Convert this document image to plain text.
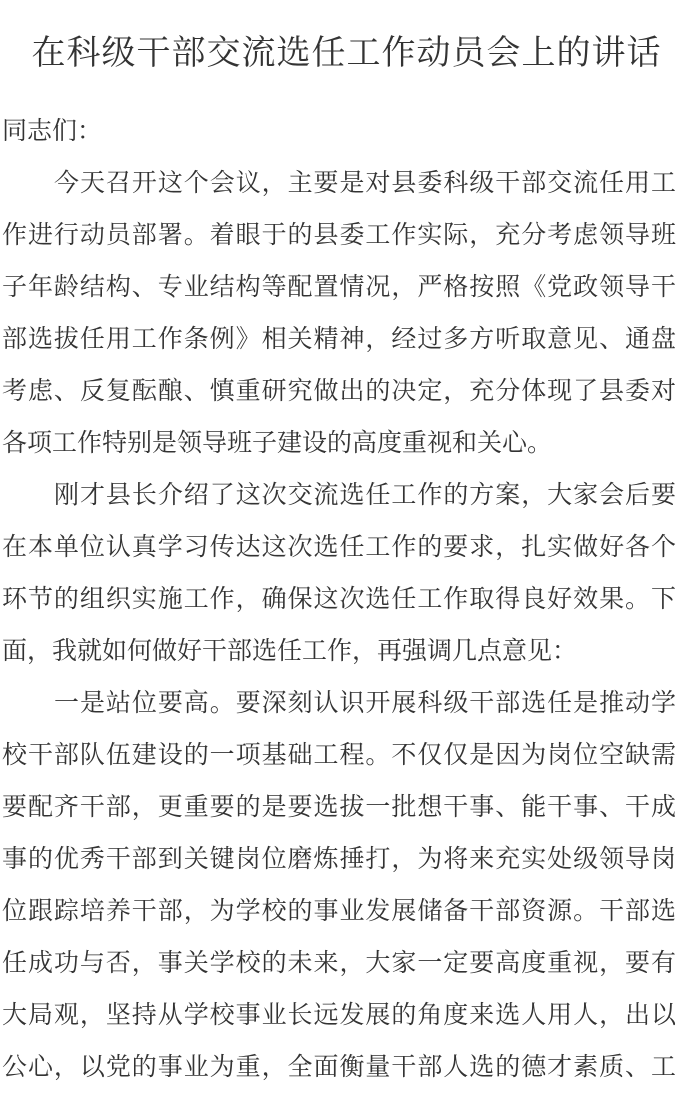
在科级干部交流选任工作动员会上的讲话
同志们：
今天召开这个会议，主要是对县委科级干部交流任用工
作进行动员部署。着眼于的县委工作实际，充分考虑领导班
子年龄结构、专业结构等配置情况，严格按照《党政领导干
部选拔任用工作条例》相关精神，经过多方听取意见、通盘
考虑、反复酝酿、慎重研究做出的决定，充分体现了县委对
各项工作特别是领导班子建设的高度重视和关心。
刚才县长介绍了这次交流选任工作的方案，大家会后要
在本单位认真学习传达这次选任工作的要求，扎实做好各个
环节的组织实施工作，确保这次选任工作取得良好效果。下
面，我就如何做好干部选任工作，再强调几点意见：
一是站位要高。要深刻认识开展科级干部选任是推动学
校干部队伍建设的一项基础工程。不仅仅是因为岗位空缺需
要配齐干部，更重要的是要选拔一批想干事、能干事、干成
事的优秀干部到关键岗位磨炼捶打，为将来充实处级领导岗
位跟踪培养干部，为学校的事业发展储备干部资源。干部选
任成功与否，事关学校的未来，大家一定要高度重视，要有
大局观，坚持从学校事业长远发展的角度来选人用人，出以
公心，以党的事业为重，全面衡量干部人选的德才素质、工
